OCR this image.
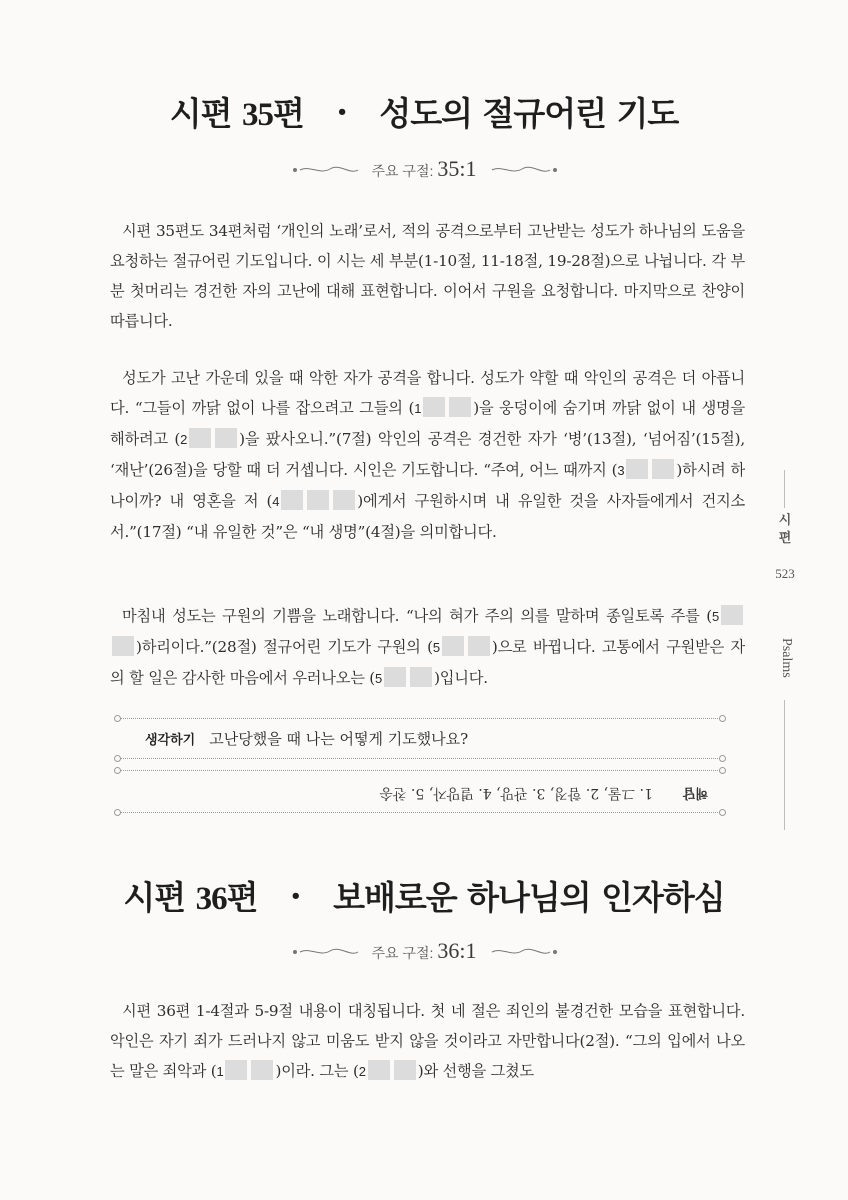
시편 35편 • 성도의 절규어린 기도
주요 구절: 35:1

시편 35편도 34편처럼 ‘개인의 노래’로서, 적의 공격으로부터 고난받는 성도가 하나님의 도움을 요청하는 절규어린 기도입니다. 이 시는 세 부분(1-10절, 11-18절, 19-28절)으로 나뉩니다. 각 부분 첫머리는 경건한 자의 고난에 대해 표현합니다. 이어서 구원을 요청합니다. 마지막으로 찬양이 따릅니다.

성도가 고난 가운데 있을 때 악한 자가 공격을 합니다. 성도가 약할 때 악인의 공격은 더 아픕니다. “그들이 까닭 없이 나를 잡으려고 그들의 (1	)을 웅덩이에 숨기며 까닭 없이 내 생명을 해하려고 (2	)을 팠사오니.”(7절) 악인의 공격은 경건한 자가 ‘병’(13절), ‘넘어짐’(15절), ‘재난’(26절)을 당할 때 더 거셉니다. 시인은 기도합니다. “주여, 어느 때까지 (3	)하시려 하나이까? 내 영혼을 저 (4	)에게서 구원하시며 내 유일한 것을 사자들에게서 건지소서.”(17절) “내 유일한 것”은 “내 생명”(4절)을 의미합니다.

마침내 성도는 구원의 기쁨을 노래합니다. “나의 혀가 주의 의를 말하며 종일토록 주를 (5)하리이다.”(28절) 절규어린 기도가 구원의 (5	)으로 바뀝니다. 고통에서 구원받은 자의 할 일은 감사한 마음에서 우러나오는 (5	)입니다.

생각하기 고난당했을 때 나는 어떻게 기도했나요?
해답1. 그물, 2. 함정, 3. 관망, 4. 멸망자, 5. 찬송
시편 36편 • 보배로운 하나님의 인자하심
주요 구절: 36:1

시편 36편 1-4절과 5-9절 내용이 대칭됩니다. 첫 네 절은 죄인의 불경건한 모습을 표현합니다. 악인은 자기 죄가 드러나지 않고 미움도 받지 않을 것이라고 자만합니다(2절). “그의 입에서 나오는 말은 죄악과 (1	)이라. 그는 (2	)와 선행을 그쳤도

시
편
523
Psalms
